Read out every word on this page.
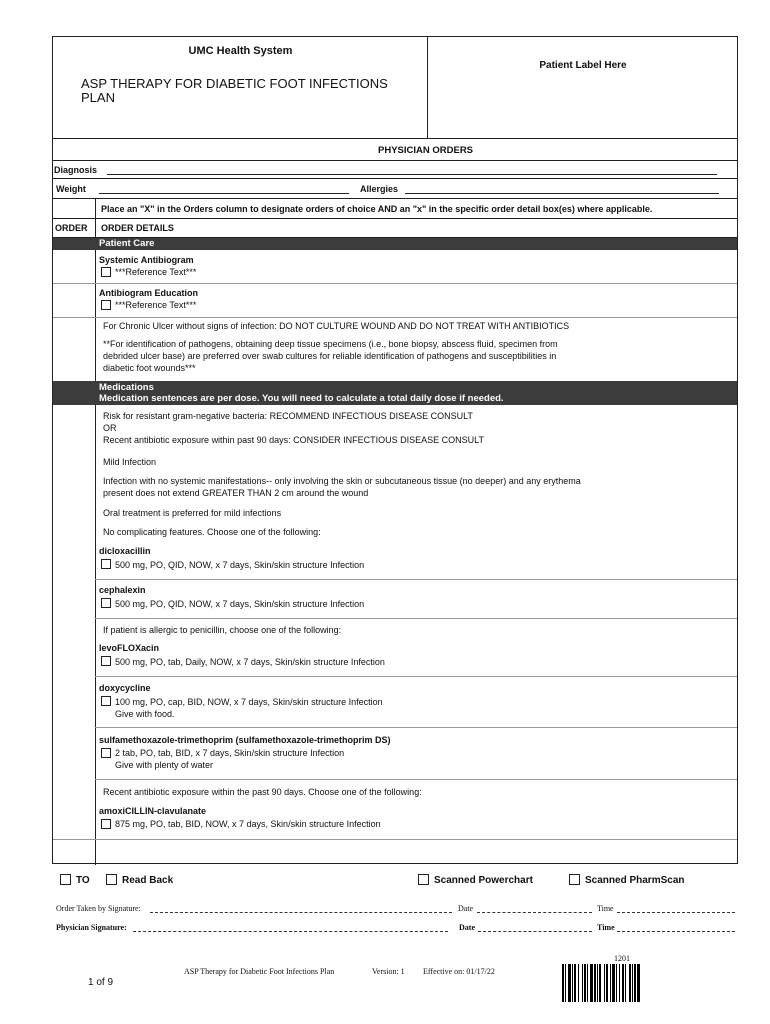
UMC Health System
ASP THERAPY FOR DIABETIC FOOT INFECTIONS PLAN
Patient Label Here
PHYSICIAN ORDERS
Diagnosis
Weight	Allergies
Place an "X" in the Orders column to designate orders of choice AND an "x" in the specific order detail box(es) where applicable.
ORDER ORDER DETAILS
Patient Care
Systemic Antibiogram
***Reference Text***
Antibiogram Education
***Reference Text***
For Chronic Ulcer without signs of infection: DO NOT CULTURE WOUND AND DO NOT TREAT WITH ANTIBIOTICS
**For identification of pathogens, obtaining deep tissue specimens (i.e., bone biopsy, abscess fluid, specimen from
debrided ulcer base) are preferred over swab cultures for reliable identification of pathogens and susceptibilities in
diabetic foot wounds***
Medications
Medication sentences are per dose. You will need to calculate a total daily dose if needed.
Risk for resistant gram-negative bacteria: RECOMMEND INFECTIOUS DISEASE CONSULT
OR
Recent antibiotic exposure within past 90 days: CONSIDER INFECTIOUS DISEASE CONSULT
Mild Infection
Infection with no systemic manifestations-- only involving the skin or subcutaneous tissue (no deeper) and any erythema
present does not extend GREATER THAN 2 cm around the wound
Oral treatment is preferred for mild infections
No complicating features. Choose one of the following:
dicloxacillin
500 mg, PO, QID, NOW, x 7 days, Skin/skin structure Infection
cephalexin
500 mg, PO, QID, NOW, x 7 days, Skin/skin structure Infection
If patient is allergic to penicillin, choose one of the following:
levoFLOXacin
500 mg, PO, tab, Daily, NOW, x 7 days, Skin/skin structure Infection
doxycycline
100 mg, PO, cap, BID, NOW, x 7 days, Skin/skin structure Infection
Give with food.
sulfamethoxazole-trimethoprim (sulfamethoxazole-trimethoprim DS)
2 tab, PO, tab, BID, x 7 days, Skin/skin structure Infection
Give with plenty of water
Recent antibiotic exposure within the past 90 days. Choose one of the following:
amoxiCILLIN-clavulanate
875 mg, PO, tab, BID, NOW, x 7 days, Skin/skin structure Infection
TO	Read Back	Scanned Powerchart	Scanned PharmScan
Order Taken by Signature:	Date	Time
Physician Signature:	Date	Time
1 of 9
ASP Therapy for Diabetic Foot Infections Plan	Version: 1 Effective on: 01/17/22
1201
